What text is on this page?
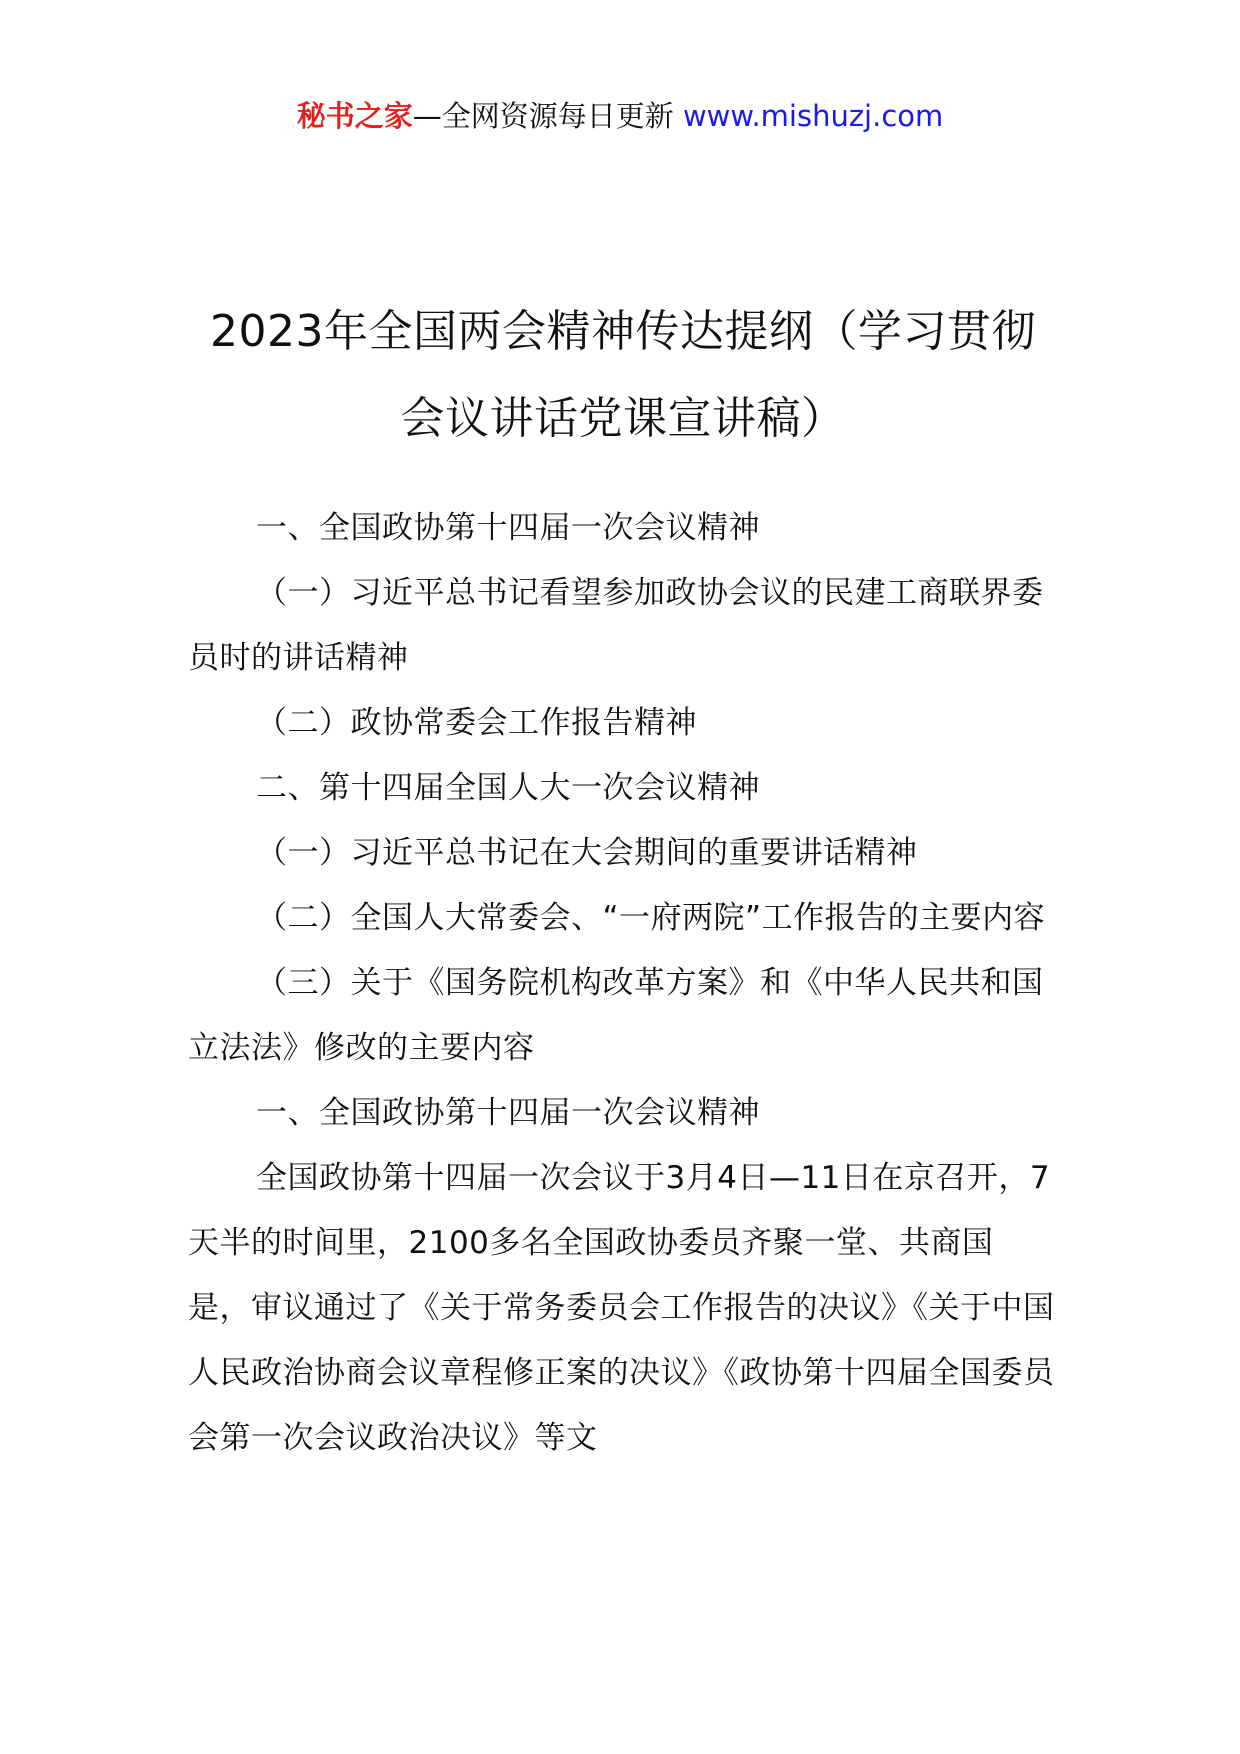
秘书之家—全网资源每日更新 www.mishuzj.com
2023年全国两会精神传达提纲（学习贯彻
会议讲话党课宣讲稿）

一、全国政协第十四届一次会议精神

（一）习近平总书记看望参加政协会议的民建工商联界委员时的讲话精神

（二）政协常委会工作报告精神

二、第十四届全国人大一次会议精神

（一）习近平总书记在大会期间的重要讲话精神

（二）全国人大常委会、“一府两院”工作报告的主要内容

（三）关于《国务院机构改革方案》和《中华人民共和国立法法》修改的主要内容

一、全国政协第十四届一次会议精神

全国政协第十四届一次会议于3月4日—11日在京召开，7天半的时间里，2100多名全国政协委员齐聚一堂、共商国是，审议通过了《关于常务委员会工作报告的决议》《关于中国人民政治协商会议章程修正案的决议》《政协第十四届全国委员会第一次会议政治决议》等文
